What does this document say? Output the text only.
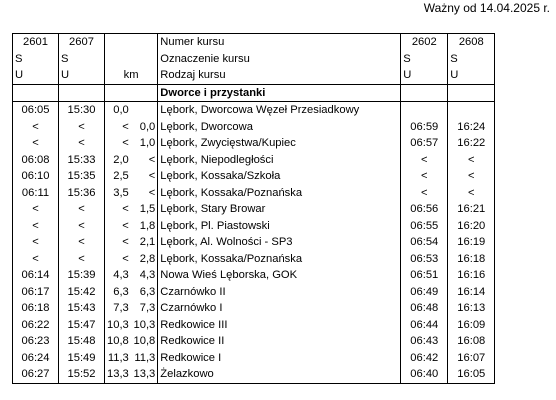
Ważny od 14.04.2025 r.
2601	2607			Numer kursu	2602	2608
S	S			Oznaczenie kursu	S	S
U	U	km		Rodzaj kursu	U	U
				Dworce i przystanki		
06:05	15:30	0,0		Lębork, Dworcowa Węzeł Przesiadkowy		
<	<	<	0,0	Lębork, Dworcowa	06:59	16:24
<	<	<	1,0	Lębork, Zwycięstwa/Kupiec	06:57	16:22
06:08	15:33	2,0	<	Lębork, Niepodległości	<	<
06:10	15:35	2,5	<	Lębork, Kossaka/Szkoła	<	<
06:11	15:36	3,5	<	Lębork, Kossaka/Poznańska	<	<
<	<	<	1,5	Lębork, Stary Browar	06:56	16:21
<	<	<	1,8	Lębork, Pl. Piastowski	06:55	16:20
<	<	<	2,1	Lębork, Al. Wolności - SP3	06:54	16:19
<	<	<	2,8	Lębork, Kossaka/Poznańska	06:53	16:18
06:14	15:39	4,3	4,3	Nowa Wieś Lęborska, GOK	06:51	16:16
06:17	15:42	6,3	6,3	Czarnówko II	06:49	16:14
06:18	15:43	7,3	7,3	Czarnówko I	06:48	16:13
06:22	15:47	10,3	10,3	Redkowice III	06:44	16:09
06:23	15:48	10,8	10,8	Redkowice II	06:43	16:08
06:24	15:49	11,3	11,3	Redkowice I	06:42	16:07
06:27	15:52	13,3	13,3	Żelazkowo	06:40	16:05
